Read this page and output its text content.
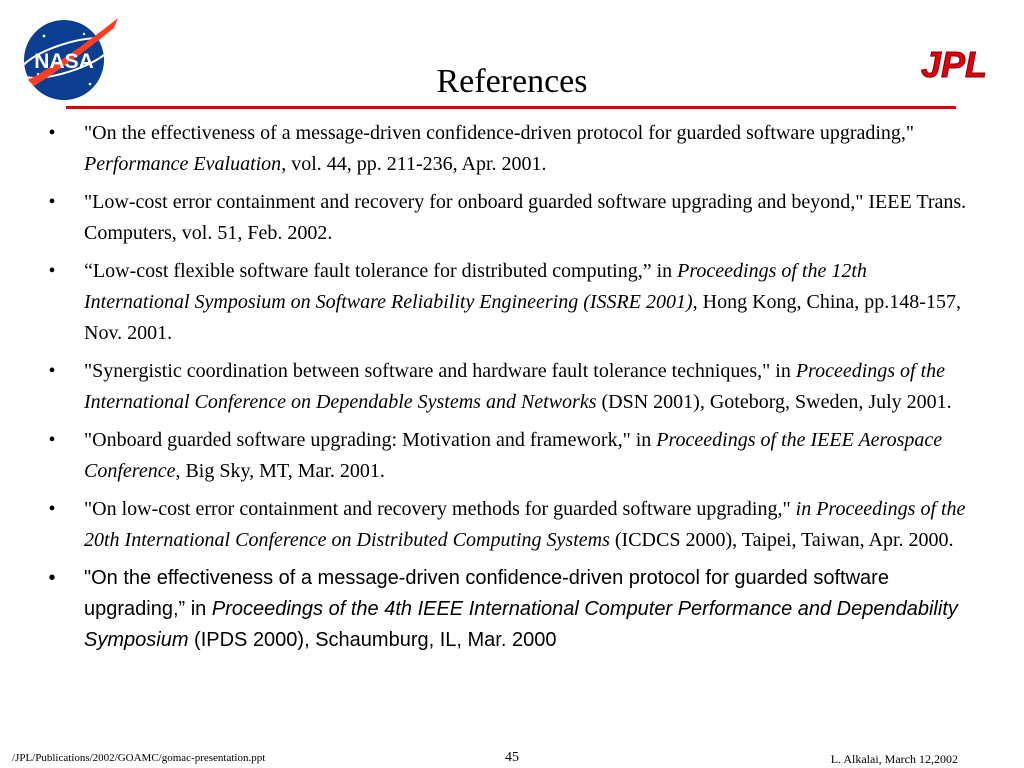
NASA	JPL
References
•	"On the effectiveness of a message-driven confidence-driven protocol for guarded software upgrading," Performance Evaluation, vol. 44, pp. 211-236, Apr. 2001.
•	"Low-cost error containment and recovery for onboard guarded software upgrading and beyond," IEEE Trans. Computers, vol. 51, Feb. 2002.
•	“Low-cost flexible software fault tolerance for distributed computing,” in Proceedings of the 12th International Symposium on Software Reliability Engineering (ISSRE 2001), Hong Kong, China, pp.148-157, Nov. 2001.
•	"Synergistic coordination between software and hardware fault tolerance techniques," in Proceedings of the International Conference on Dependable Systems and Networks (DSN 2001), Goteborg, Sweden, July 2001.
•	"Onboard guarded software upgrading: Motivation and framework," in Proceedings of the IEEE Aerospace Conference, Big Sky, MT, Mar. 2001.
•	"On low-cost error containment and recovery methods for guarded software upgrading," in Proceedings of the 20th International Conference on Distributed Computing Systems (ICDCS 2000), Taipei, Taiwan, Apr. 2000.
•	"On the effectiveness of a message-driven confidence-driven protocol for guarded software upgrading,” in Proceedings of the 4th IEEE International Computer Performance and Dependability Symposium (IPDS 2000), Schaumburg, IL, Mar. 2000
/JPL/Publications/2002/GOAMC/gomac-presentation.ppt	45	L. Alkalai, March 12,2002
